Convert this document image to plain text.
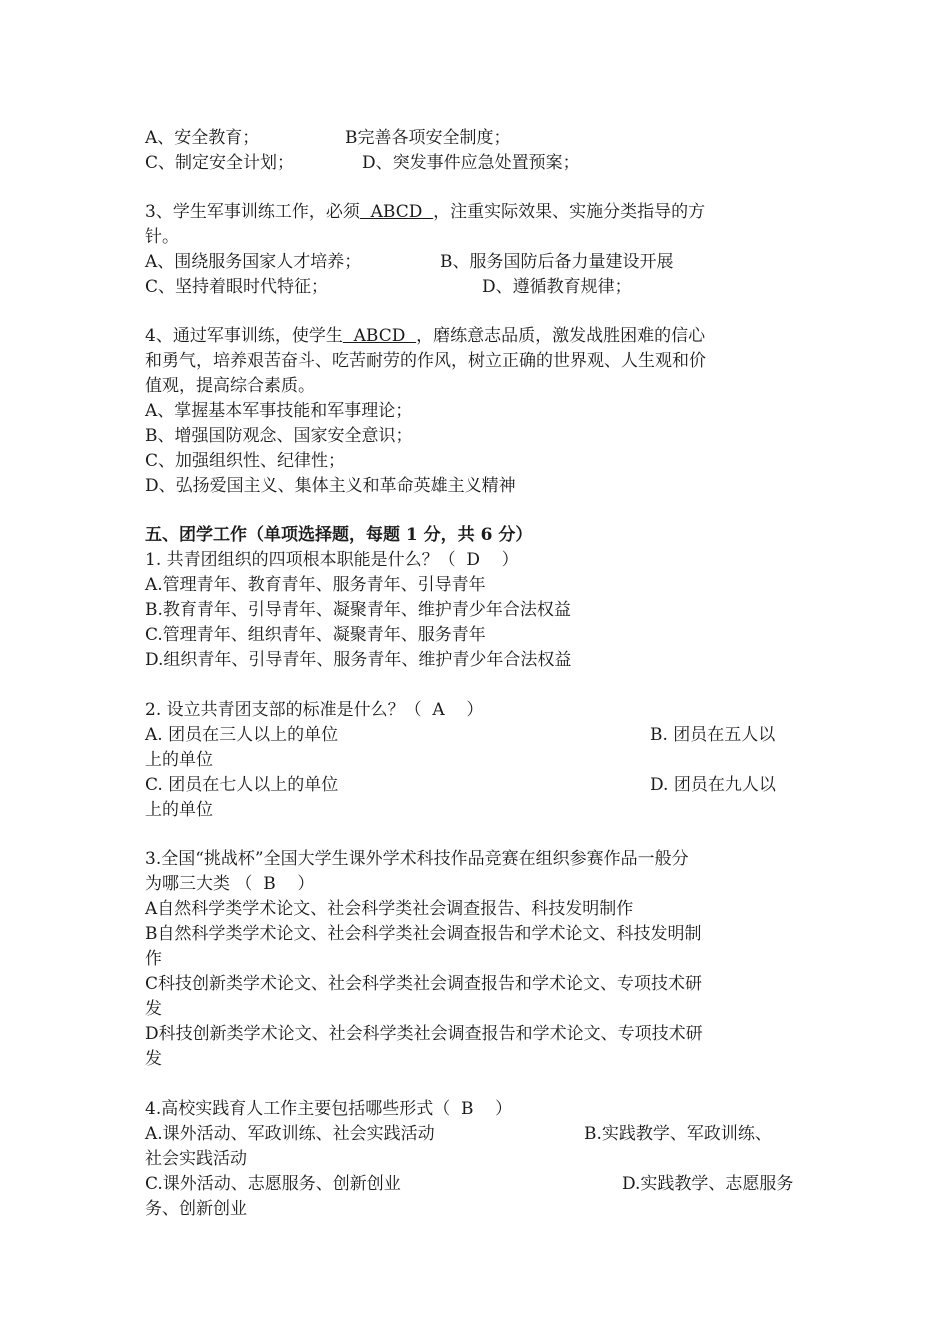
A、安全教育；	B完善各项安全制度；
C、制定安全计划；	D、突发事件应急处置预案；
3、学生军事训练工作，必须  ABCD  ，注重实际效果、实施分类指导的方
针。
A、围绕服务国家人才培养；	B、服务国防后备力量建设开展
C、坚持着眼时代特征；	D、遵循教育规律；
4、通过军事训练，使学生  ABCD  ，磨练意志品质，激发战胜困难的信心
和勇气，培养艰苦奋斗、吃苦耐劳的作风，树立正确的世界观、人生观和价
值观，提高综合素质。
A、掌握基本军事技能和军事理论；
B、增强国防观念、国家安全意识；
C、加强组织性、纪律性；
D、弘扬爱国主义、集体主义和革命英雄主义精神
五、团学工作（单项选择题，每题 1 分，共 6 分）
1. 共青团组织的四项根本职能是什么？（  D    ）
A.管理青年、教育青年、服务青年、引导青年
B.教育青年、引导青年、凝聚青年、维护青少年合法权益
C.管理青年、组织青年、凝聚青年、服务青年
D.组织青年、引导青年、服务青年、维护青少年合法权益
2. 设立共青团支部的标准是什么？（  A    ）
A. 团员在三人以上的单位	B. 团员在五人以
上的单位
C. 团员在七人以上的单位	D. 团员在九人以
上的单位
3.全国“挑战杯”全国大学生课外学术科技作品竞赛在组织参赛作品一般分
为哪三大类 （  B    ）
A自然科学类学术论文、社会科学类社会调查报告、科技发明制作
B自然科学类学术论文、社会科学类社会调查报告和学术论文、科技发明制
作
C科技创新类学术论文、社会科学类社会调查报告和学术论文、专项技术研
发
D科技创新类学术论文、社会科学类社会调查报告和学术论文、专项技术研
发
4.高校实践育人工作主要包括哪些形式（  B    ）
A.课外活动、军政训练、社会实践活动	B.实践教学、军政训练、
社会实践活动
C.课外活动、志愿服务、创新创业	D.实践教学、志愿服务
务、创新创业
